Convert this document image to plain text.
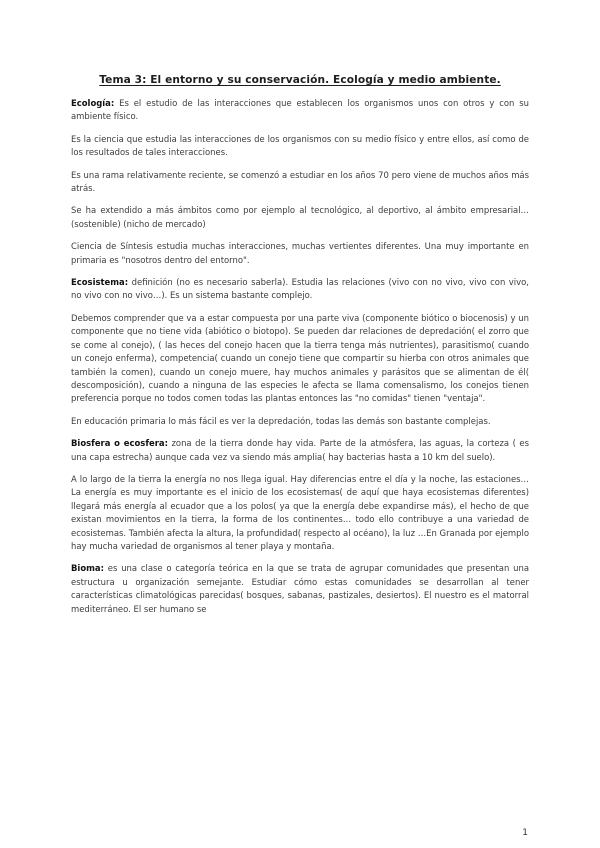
Tema 3: El entorno y su conservación. Ecología y medio ambiente.

Ecología: Es el estudio de las interacciones que establecen los organismos unos con otros y con su ambiente físico.

Es la ciencia que estudia las interacciones de los organismos con su medio físico y entre ellos, así como de los resultados de tales interacciones.

Es una rama relativamente reciente, se comenzó a estudiar en los años 70 pero viene de muchos años más atrás.

Se ha extendido a más ámbitos como por ejemplo al tecnológico, al deportivo, al ámbito empresarial…(sostenible) (nicho de mercado)

Ciencia de Síntesis estudia muchas interacciones, muchas vertientes diferentes. Una muy importante en primaria es "nosotros dentro del entorno".

Ecosistema: definición (no es necesario saberla). Estudia las relaciones (vivo con no vivo, vivo con vivo, no vivo con no vivo…). Es un sistema bastante complejo.

Debemos comprender que va a estar compuesta por una parte viva (componente biótico o biocenosis) y un componente que no tiene vida (abiótico o biotopo). Se pueden dar relaciones de depredación( el zorro que se come al conejo), ( las heces del conejo hacen que la tierra tenga más nutrientes), parasitismo( cuando un conejo enferma), competencia( cuando un conejo tiene que compartir su hierba con otros animales que también la comen), cuando un conejo muere, hay muchos animales y parásitos que se alimentan de él( descomposición), cuando a ninguna de las especies le afecta se llama comensalismo, los conejos tienen preferencia porque no todos comen todas las plantas entonces las "no comidas" tienen "ventaja".

En educación primaria lo más fácil es ver la depredación, todas las demás son bastante complejas.

Biosfera o ecosfera: zona de la tierra donde hay vida. Parte de la atmósfera, las aguas, la corteza ( es una capa estrecha) aunque cada vez va siendo más amplia( hay bacterias hasta a 10 km del suelo).

A lo largo de la tierra la energía no nos llega igual. Hay diferencias entre el día y la noche, las estaciones… La energía es muy importante es el inicio de los ecosistemas( de aquí que haya ecosistemas diferentes) llegará más energía al ecuador que a los polos( ya que la energía debe expandirse más), el hecho de que existan movimientos en la tierra, la forma de los continentes… todo ello contribuye a una variedad de ecosistemas. También afecta la altura, la profundidad( respecto al océano), la luz …En Granada por ejemplo hay mucha variedad de organismos al tener playa y montaña.

Bioma: es una clase o categoría teórica en la que se trata de agrupar comunidades que presentan una estructura u organización semejante. Estudiar cómo estas comunidades se desarrollan al tener características climatológicas parecidas( bosques, sabanas, pastizales, desiertos). El nuestro es el matorral mediterráneo. El ser humano se

1
